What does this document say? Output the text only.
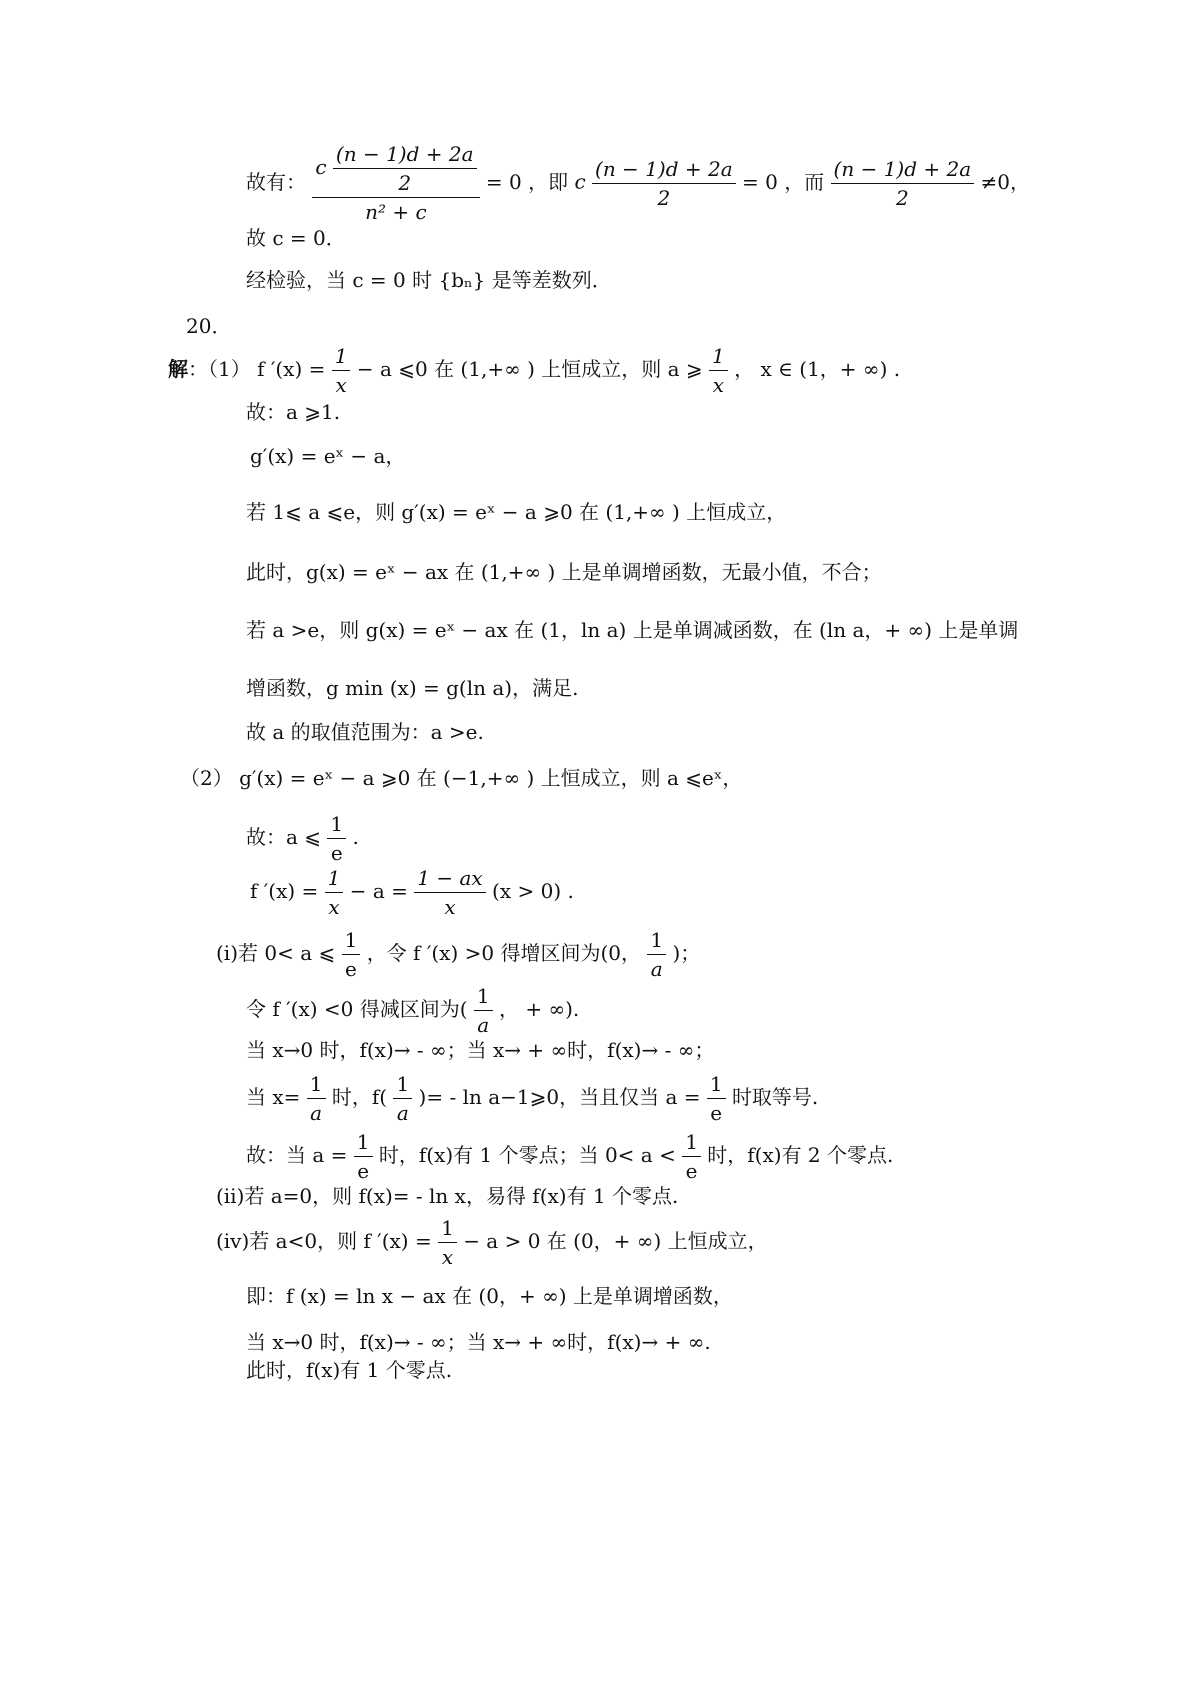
故有： $\frac{c \frac{(n - 1)d + 2a}{2}}{\text{n² + c}} = 0$ ，即 c $\frac{(n - 1)d + 2a}{2} = 0$ ，而 $\frac{(n - 1)d + 2a}{2} \ne 0$，
故 c = 0．
经检验，当 c = 0 时 {bₙ} 是等差数列．
20．
解：（1） f $'(x) = \frac{1}{x} - a$ ⩽0 在 (1,+∞ ) 上恒成立，则 a ⩾ $\frac{1}{x}$ ， x ∈ (1，+ ∞) .
故：a ⩾1.
g′(x) = eˣ − a，
若 1⩽ a ⩽e，则 g′(x) = eˣ − a ⩾0 在 (1,+∞ ) 上恒成立，
此时，g(x) = eˣ − ax 在 (1,+∞ ) 上是单调增函数，无最小值，不合；
若 a >e，则 g(x) = eˣ − ax 在 (1，ln a) 上是单调减函数，在 (ln a，+ ∞) 上是单调
增函数，g min (x) = g(ln a)，满足.
故 a 的取值范围为：a >e.
（2） g′(x) = eˣ − a ⩾0 在 (−1,+∞ ) 上恒成立，则 a ⩽eˣ，
故：a ⩽ $\frac{1}{e}$ .
f $'(x) = \frac{1}{x} - a = \frac{1 - ax}{x} (x > 0)$ .
(ⅰ)若 0< a ⩽ $\frac{1}{e}$ ，令 f ′(x) >0 得增区间为(0， $\frac{1}{a}$ )；
令 f ′(x) <0 得减区间为( $\frac{1}{a}$ ， + ∞).
当 x→0 时，f(x)→ - ∞；当 x→ + ∞时，f(x)→ - ∞；
当 $x= \frac{1}{a}$ 时，$f( \frac{1}{a}$ )= - ln a−1⩾0，当且仅当 $a = \frac{1}{e}$ 时取等号.
故：当 $a = \frac{1}{e}$ 时，f(x)有 1 个零点；当 $0< a < \frac{1}{e}$ 时，f(x)有 2 个零点.
(ⅱ)若 a=0，则 f(x)= - ln x，易得 f(x)有 1 个零点.
(ⅳ)若 a<0，则 f $'(x) = \frac{1}{x} - a > 0$ 在 (0，+ ∞) 上恒成立，
即：f (x) = ln x − ax 在 (0，+ ∞) 上是单调增函数，
当 x→0 时，f(x)→ - ∞；当 x→ + ∞时，f(x)→ + ∞.
此时，f(x)有 1 个零点.
